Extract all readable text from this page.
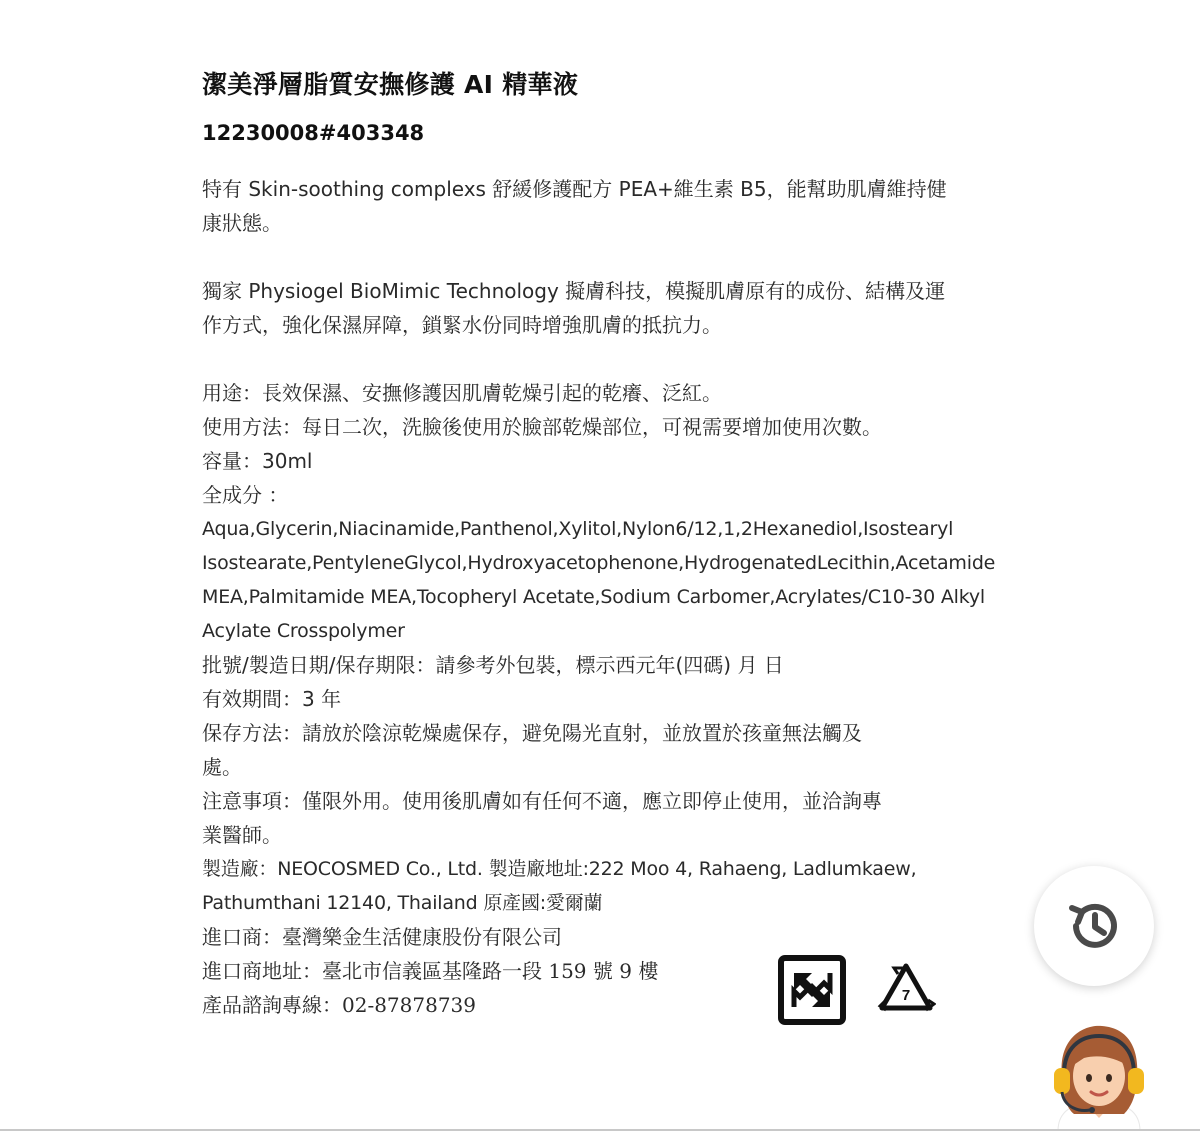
潔美淨層脂質安撫修護 AI 精華液
12230008#403348

特有 Skin-soothing complexs 舒緩修護配方 PEA+維生素 B5，能幫助肌膚維持健

康狀態。

獨家 Physiogel BioMimic Technology 擬膚科技，模擬肌膚原有的成份、結構及運

作方式，強化保濕屏障，鎖緊水份同時增強肌膚的抵抗力。

用途：長效保濕、安撫修護因肌膚乾燥引起的乾癢、泛紅。

使用方法：每日二次，洗臉後使用於臉部乾燥部位，可視需要增加使用次數。

容量：30ml

全成分 ：

Aqua,Glycerin,Niacinamide,Panthenol,Xylitol,Nylon6/12,1,2Hexanediol,Isostearyl

Isostearate,PentyleneGlycol,Hydroxyacetophenone,HydrogenatedLecithin,Acetamide

MEA,Palmitamide MEA,Tocopheryl Acetate,Sodium Carbomer,Acrylates/C10-30 Alkyl

Acylate Crosspolymer

批號/製造日期/保存期限：請參考外包裝，標示西元年(四碼) 月 日

有效期間：3 年

保存方法：請放於陰涼乾燥處保存，避免陽光直射，並放置於孩童無法觸及

處。

注意事項：僅限外用。使用後肌膚如有任何不適，應立即停止使用，並洽詢專

業醫師。

製造廠：NEOCOSMED Co., Ltd. 製造廠地址:222 Moo 4, Rahaeng, Ladlumkaew,

Pathumthani 12140, Thailand 原產國:愛爾蘭

進口商：臺灣樂金生活健康股份有限公司

進口商地址：臺北市信義區基隆路一段 159 號 9 樓

產品諮詢專線：02-87878739	7
